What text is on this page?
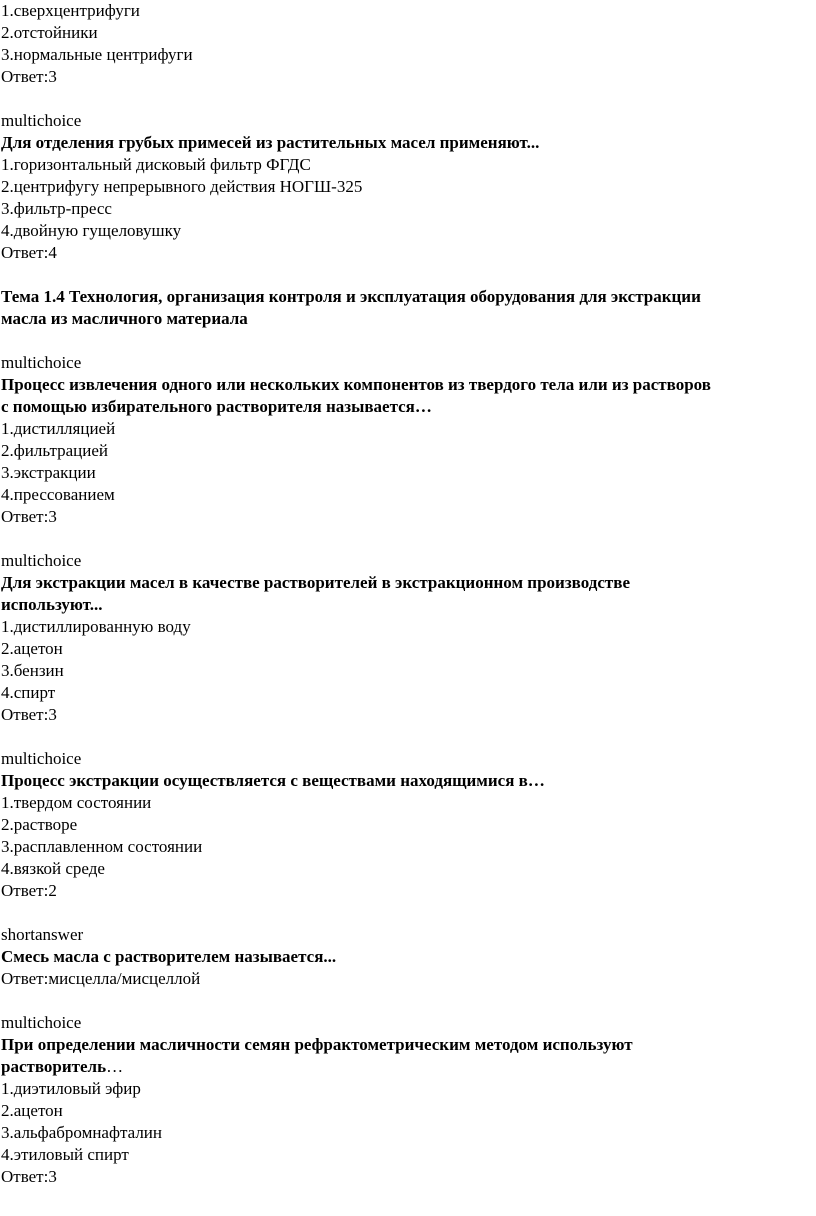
1.сверхцентрифуги
2.отстойники
3.нормальные центрифуги
Ответ:3
multichoice
Для отделения грубых примесей из растительных масел применяют...
1.горизонтальный дисковый фильтр ФГДС
2.центрифугу непрерывного действия НОГШ-325
3.фильтр-пресс
4.двойную гущеловушку
Ответ:4
Тема 1.4 Технология, организация контроля и эксплуатация оборудования для экстракции
масла из масличного материала
multichoice
Процесс извлечения одного или нескольких компонентов из твердого тела или из растворов
с помощью избирательного растворителя называется…
1.дистилляцией
2.фильтрацией
3.экстракции
4.прессованием
Ответ:3
multichoice
Для экстракции масел в качестве растворителей в экстракционном производстве
используют...
1.дистиллированную воду
2.ацетон
3.бензин
4.спирт
Ответ:3
multichoice
Процесс экстракции осуществляется с веществами находящимися в…
1.твердом состоянии
2.растворе
3.расплавленном состоянии
4.вязкой среде
Ответ:2
shortanswer
Смесь масла с растворителем называется...
Ответ:мисцелла/мисцеллой
multichoice
При определении масличности семян рефрактометрическим методом используют
растворитель…
1.диэтиловый эфир
2.ацетон
3.альфабромнафталин
4.этиловый спирт
Ответ:3
